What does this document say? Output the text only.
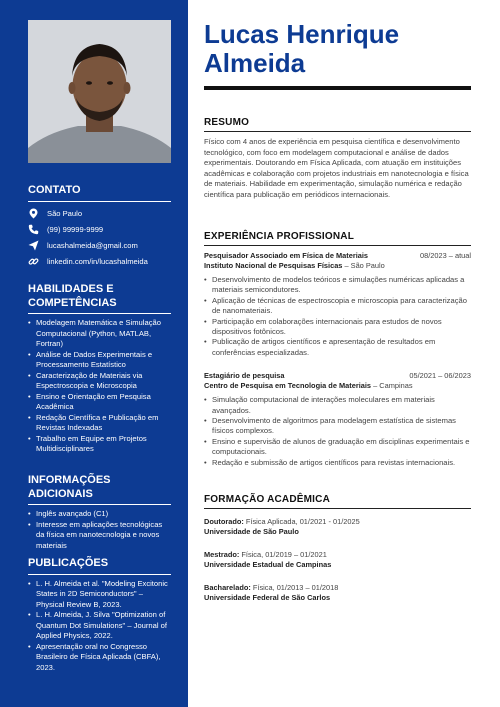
CONTATO
São Paulo
(99) 99999-9999
lucashalmeida@gmail.com
linkedin.com/in/lucashalmeida
HABILIDADES E COMPETÊNCIAS
• Modelagem Matemática e Simulação Computacional (Python, MATLAB, Fortran)
• Análise de Dados Experimentais e Processamento Estatístico
• Caracterização de Materiais via Espectroscopia e Microscopia
• Ensino e Orientação em Pesquisa Acadêmica
• Redação Científica e Publicação em Revistas Indexadas
• Trabalho em Equipe em Projetos Multidisciplinares
INFORMAÇÕES ADICIONAIS
• Inglês avançado (C1)
• Interesse em aplicações tecnológicas da física em nanotecnologia e novos materiais
PUBLICAÇÕES
• L. H. Almeida et al. "Modeling Excitonic States in 2D Semiconductors" – Physical Review B, 2023.
• L. H. Almeida, J. Silva "Optimization of Quantum Dot Simulations" – Journal of Applied Physics, 2022.
• Apresentação oral no Congresso Brasileiro de Física Aplicada (CBFA), 2023.
Lucas Henrique
Almeida
RESUMO
Físico com 4 anos de experiência em pesquisa científica e desenvolvimento tecnológico, com foco em modelagem computacional e análise de dados experimentais. Doutorando em Física Aplicada, com atuação em instituições acadêmicas e colaboração com projetos industriais em nanotecnologia e física de materiais. Habilidade em experimentação, simulação numérica e redação científica para publicação em periódicos internacionais.
EXPERIÊNCIA PROFISSIONAL
Pesquisador Associado em Física de Materiais	08/2023 – atual
Instituto Nacional de Pesquisas Físicas – São Paulo
• Desenvolvimento de modelos teóricos e simulações numéricas aplicadas a materiais semicondutores.
• Aplicação de técnicas de espectroscopia e microscopia para caracterização de nanomateriais.
• Participação em colaborações internacionais para estudos de novos dispositivos fotônicos.
• Publicação de artigos científicos e apresentação de resultados em conferências especializadas.
Estagiário de pesquisa	05/2021 – 06/2023
Centro de Pesquisa em Tecnologia de Materiais – Campinas
• Simulação computacional de interações moleculares em materiais avançados.
• Desenvolvimento de algoritmos para modelagem estatística de sistemas físicos complexos.
• Ensino e supervisão de alunos de graduação em disciplinas experimentais e computacionais.
• Redação e submissão de artigos científicos para revistas internacionais.
FORMAÇÃO ACADÊMICA
Doutorado: Física Aplicada, 01/2021 - 01/2025
Universidade de São Paulo
Mestrado: Física, 01/2019 – 01/2021
Universidade Estadual de Campinas
Bacharelado: Física, 01/2013 – 01/2018
Universidade Federal de São Carlos
